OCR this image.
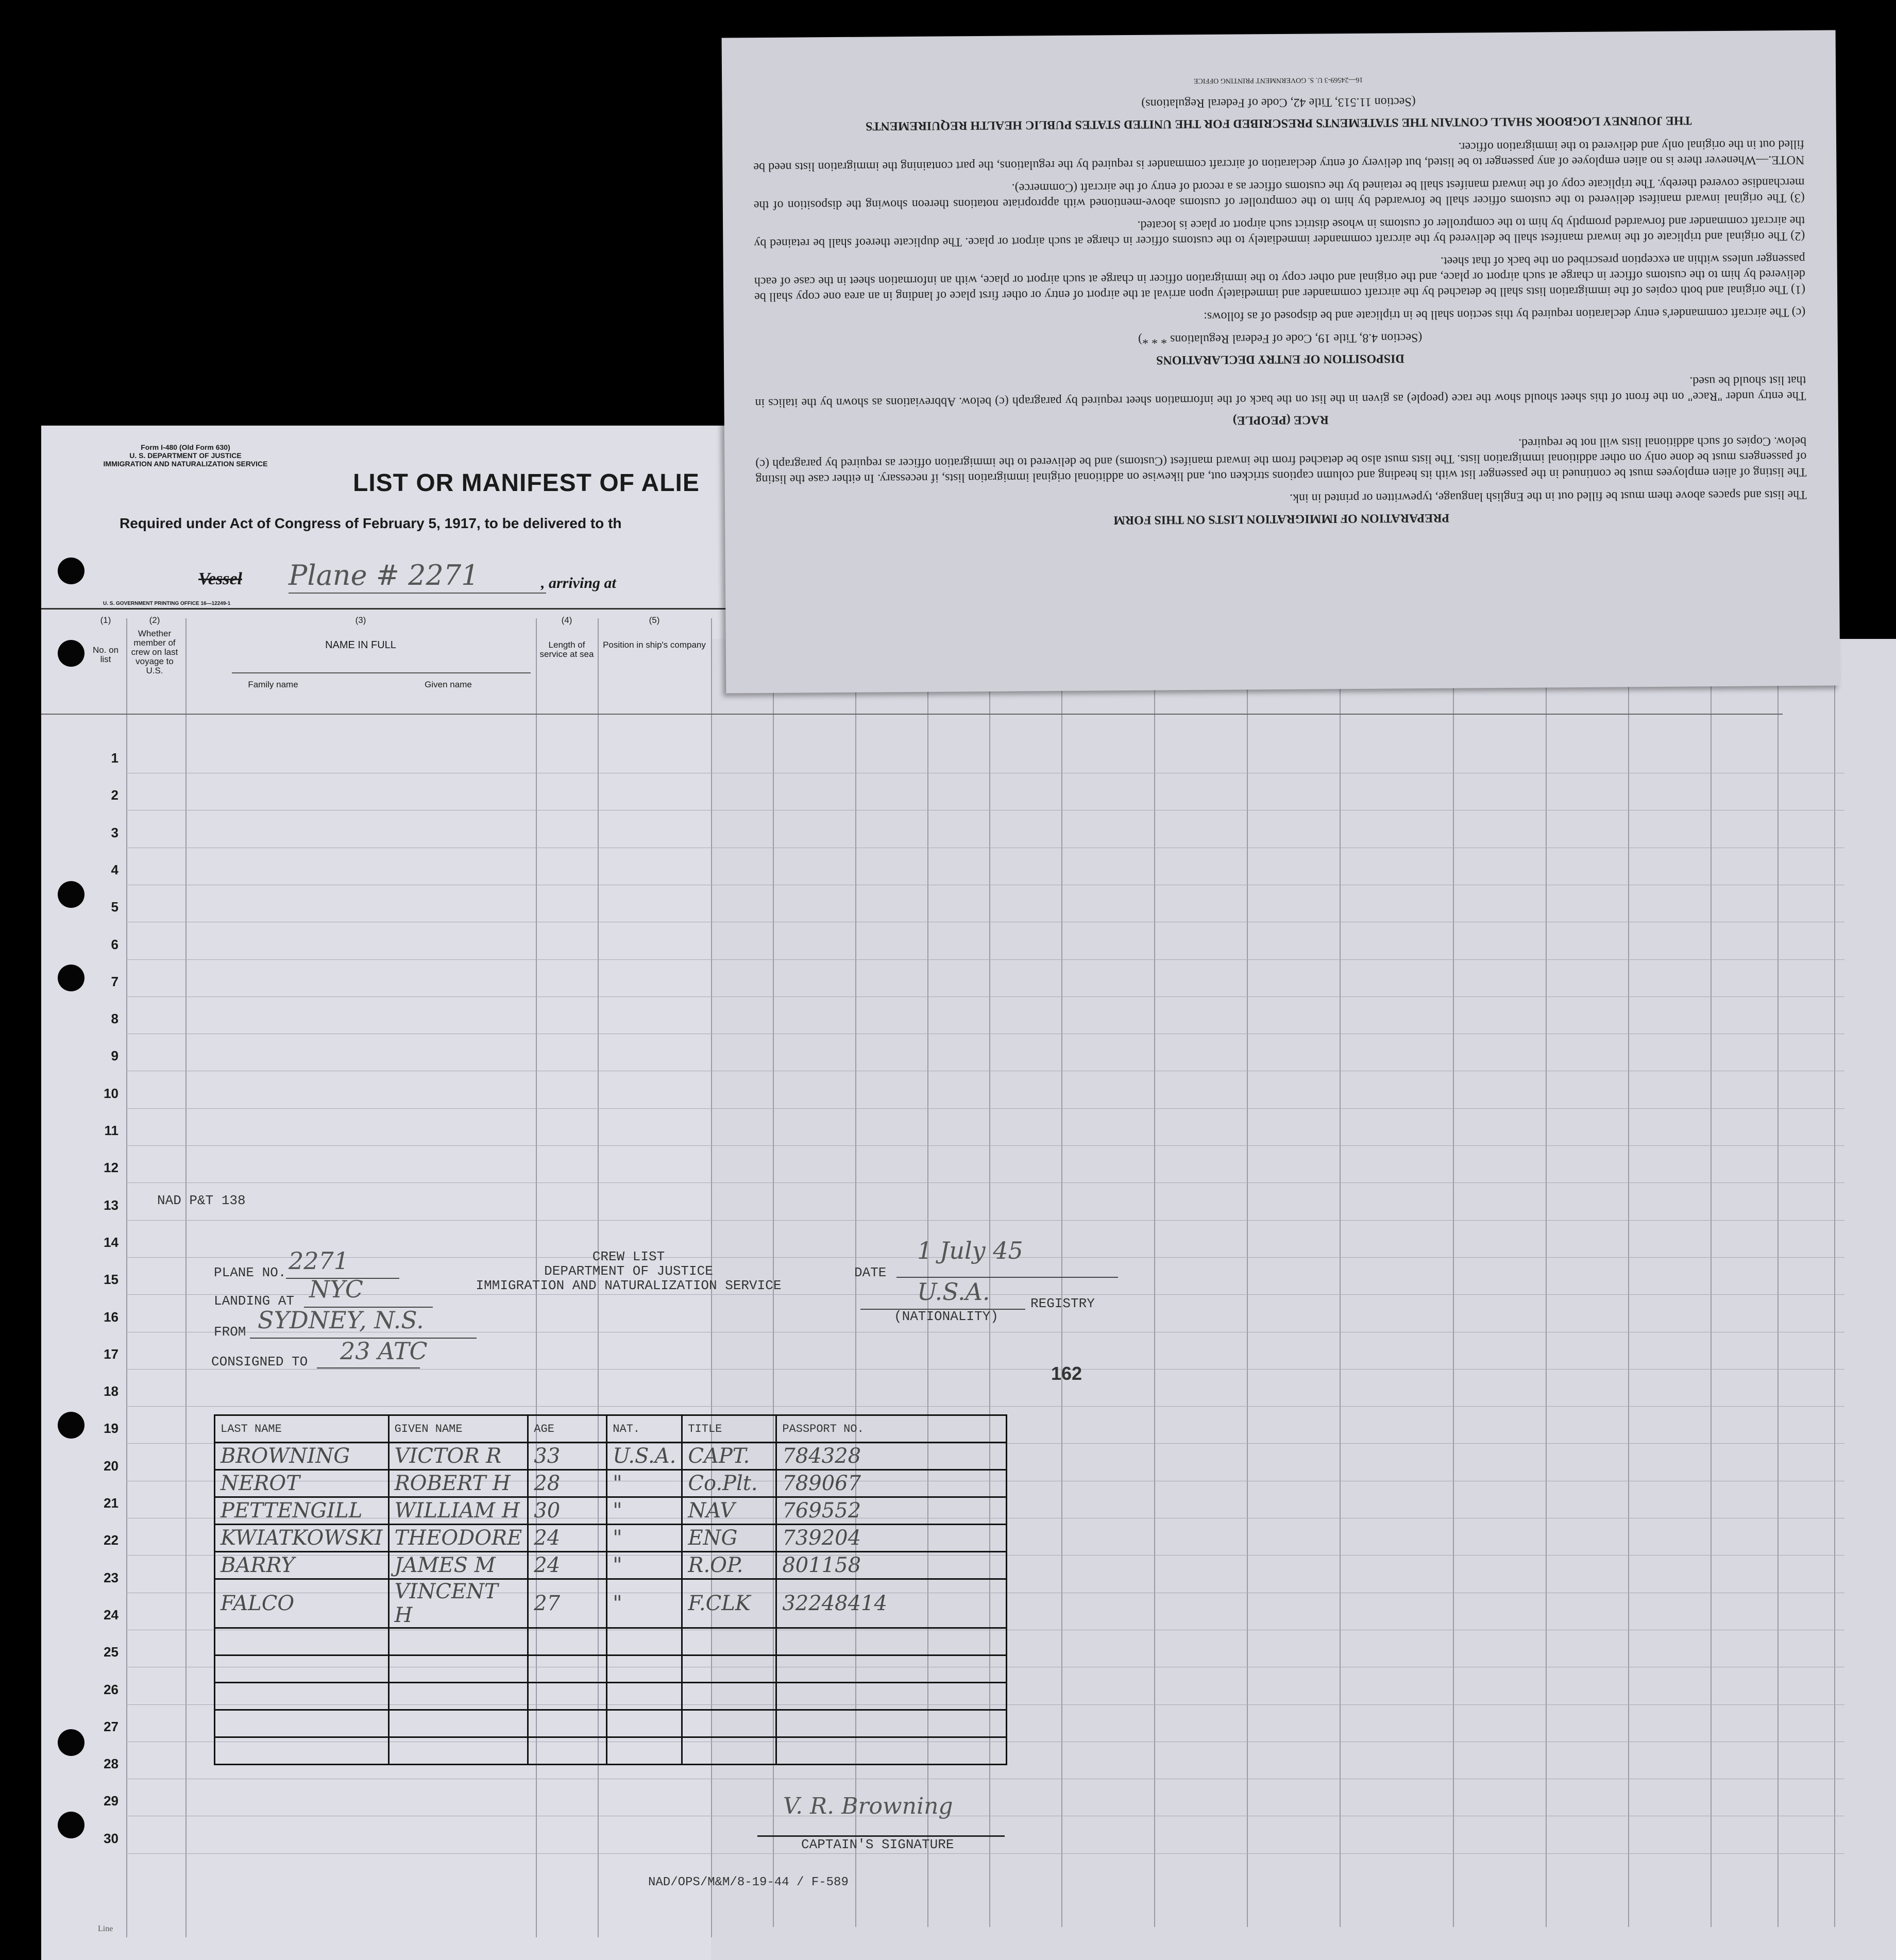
Form I-480 (Old Form 630)
U. S. DEPARTMENT OF JUSTICE
IMMIGRATION AND NATURALIZATION SERVICE
LIST OR MANIFEST OF ALIE
Required under Act of Congress of February 5, 1917, to be delivered to th
Vessel Plane # 2271	, arriving at
U. S. GOVERNMENT PRINTING OFFICE 16—12249-1
(1)
No. on list
(2)
Whether member of crew on last voyage to U.S.
(3)
NAME IN FULL
Family name	Given name
(4)
Length of service at sea
(5)
Position in ship's company
1
2
3
4
5
6
7
8
9
10
11
12
13
14
15
16
17
18
19
20
21
22
23
24
25
26
27
28
29
30
PREPARATION OF IMMIGRATION LISTS ON THIS FORM

The lists and spaces above them must be filled out in the English language, typewritten or printed in ink.

The listing of alien employees must be continued in the passenger list with its heading and column captions stricken out, and likewise on additional original immigration lists, if necessary. In either case the listing of passengers must be done only on other additional immigration lists. The lists must also be detached from the inward manifest (Customs) and be delivered to the immigration officer as required by paragraph (c) below. Copies of such additional lists will not be required.

RACE (PEOPLE)

The entry under "Race" on the front of this sheet should show the race (people) as given in the list on the back of the information sheet required by paragraph (c) below. Abbreviations as shown by the italics in that list should be used.

DISPOSITION OF ENTRY DECLARATIONS

(Section 4.8, Title 19, Code of Federal Regulations * * *)

(c) The aircraft commander's entry declaration required by this section shall be in triplicate and be disposed of as follows:

(1) The original and both copies of the immigration lists shall be detached by the aircraft commander and immediately upon arrival at the airport of entry or other first place of landing in an area one copy shall be delivered by him to the customs officer in charge at such airport or place, and the original and other copy to the immigration officer in charge at such airport or place, with an information sheet in the case of each passenger unless within an exception prescribed on the back of that sheet.

(2) The original and triplicate of the inward manifest shall be delivered by the aircraft commander immediately to the customs officer in charge at such airport or place. The duplicate thereof shall be retained by the aircraft commander and forwarded promptly by him to the comptroller of customs in whose district such airport or place is located.

(3) The original inward manifest delivered to the customs officer shall be forwarded by him to the comptroller of customs above-mentioned with appropriate notations thereon showing the disposition of the merchandise covered thereby. The triplicate copy of the inward manifest shall be retained by the customs officer as a record of entry of the aircraft (Commerce).

NOTE.—Whenever there is no alien employee of any passenger to be listed, but delivery of entry declaration of aircraft commander is required by the regulations, the part containing the immigration lists need be filled out in the original only and delivered to the immigration officer.

THE JOURNEY LOGBOOK SHALL CONTAIN THE STATEMENTS PRESCRIBED FOR THE UNITED STATES PUBLIC HEALTH REQUIREMENTS

(Section 11.513, Title 42, Code of Federal Regulations)

16—24569-3 U. S. GOVERNMENT PRINTING OFFICE

NAD P&T 138
PLANE NO. 2271
LANDING AT NYC
FROM SYDNEY, N.S.
CONSIGNED TO 23 ATC
CREW LIST
DEPARTMENT OF JUSTICE
IMMIGRATION AND NATURALIZATION SERVICE
DATE
1 July 45
U.S.A.
(NATIONALITY)
REGISTRY
162
LAST NAME	GIVEN NAME	AGE	NAT.	TITLE	PASSPORT NO.
BROWNING	VICTOR R	33	U.S.A.	CAPT.	784328
NEROT	ROBERT H	28	"	Co.Plt.	789067
PETTENGILL	WILLIAM H	30	"	NAV	769552
KWIATKOWSKI	THEODORE	24	"	ENG	739204
BARRY	JAMES M	24	"	R.OP.	801158
FALCO	VINCENT H	27	"	F.CLK	32248414

V. R. Browning
CAPTAIN'S SIGNATURE
NAD/OPS/M&M/8-19-44 / F-589
Line
